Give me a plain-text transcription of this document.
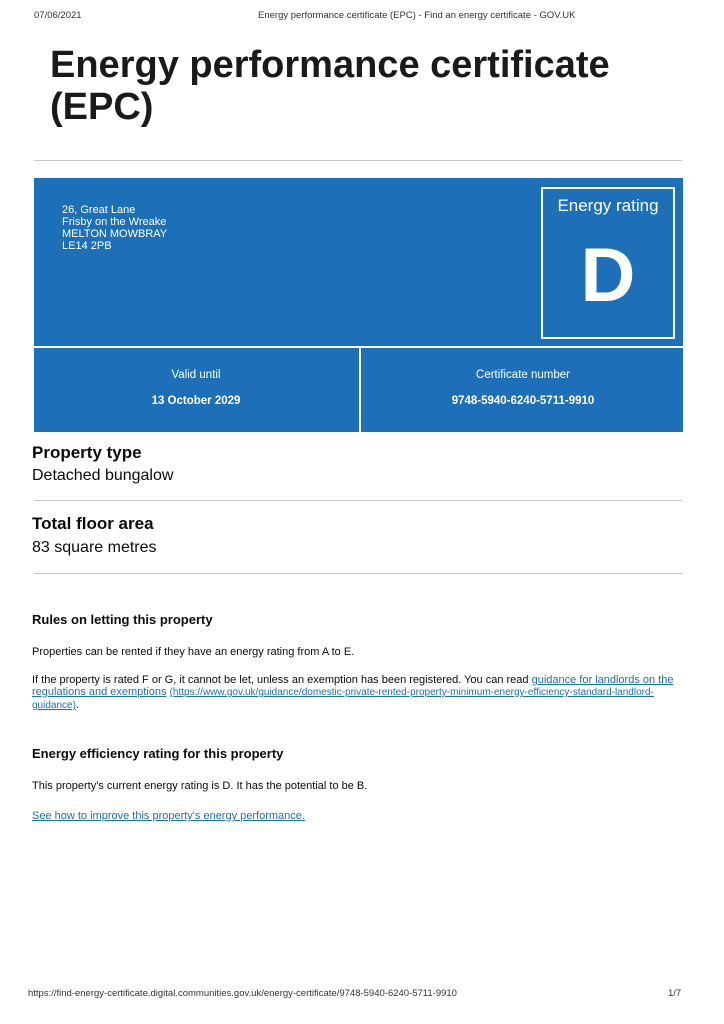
07/06/2021	Energy performance certificate (EPC) - Find an energy certificate - GOV.UK
Energy performance certificate (EPC)
26, Great Lane
Frisby on the Wreake
MELTON MOWBRAY
LE14 2PB
Energy rating
D
Valid until
13 October 2029
Certificate number
9748-5940-6240-5711-9910
Property type
Detached bungalow
Total floor area
83 square metres
Rules on letting this property
Properties can be rented if they have an energy rating from A to E.
If the property is rated F or G, it cannot be let, unless an exemption has been registered. You can read guidance for landlords on the regulations and exemptions (https://www.gov.uk/guidance/domestic-private-rented-property-minimum-energy-efficiency-standard-landlord-guidance).
Energy efficiency rating for this property
This property's current energy rating is D. It has the potential to be B.
See how to improve this property's energy performance.
https://find-energy-certificate.digital.communities.gov.uk/energy-certificate/9748-5940-6240-5711-9910	1/7
